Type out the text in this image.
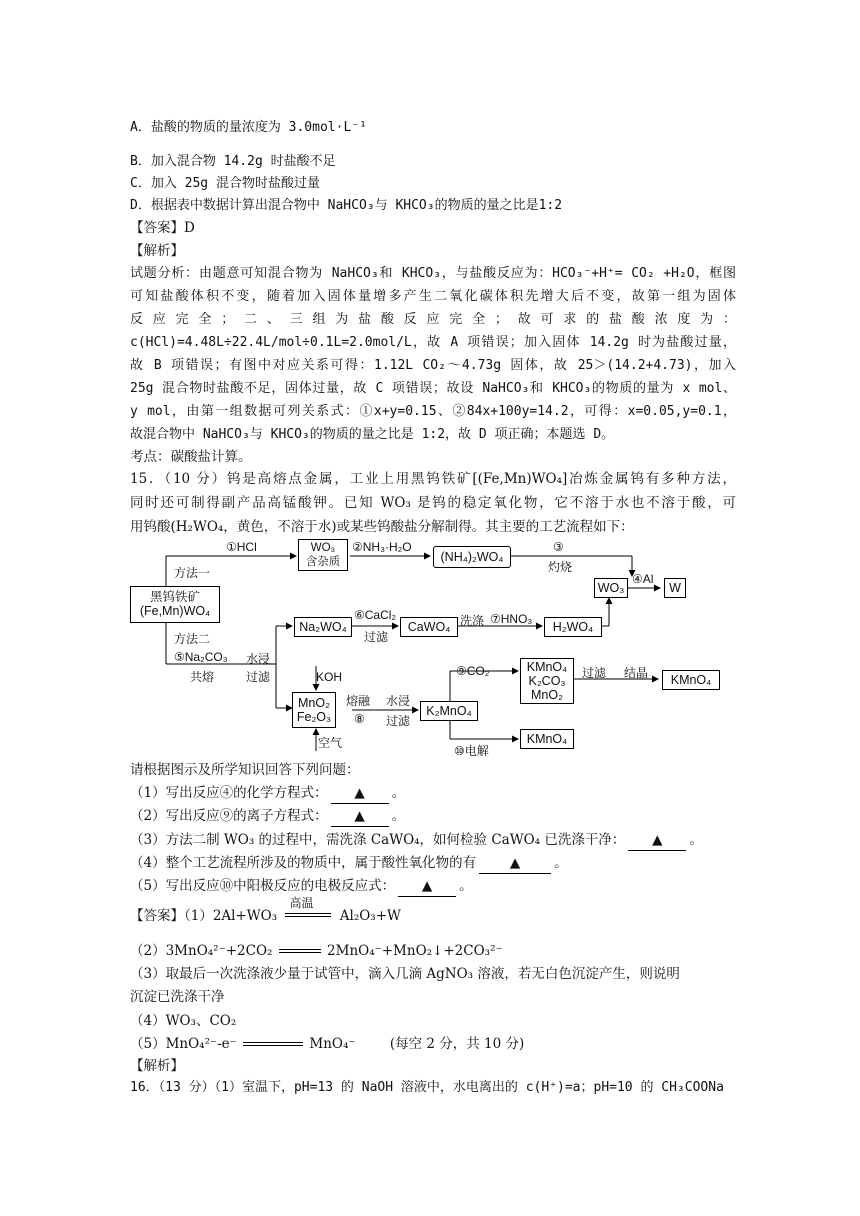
A．盐酸的物质的量浓度为 3.0mol·L⁻¹
B．加入混合物 14.2g 时盐酸不足
C．加入 25g 混合物时盐酸过量
D．根据表中数据计算出混合物中 NaHCO₃与 KHCO₃的物质的量之比是1:2
【答案】D
【解析】
试题分析：由题意可知混合物为 NaHCO₃和 KHCO₃，与盐酸反应为：HCO₃⁻+H⁺= CO₂ +H₂O，框图
可知盐酸体积不变，随着加入固体量增多产生二氧化碳体积先增大后不变，故第一组为固体
反应完全；二、三组为盐酸反应完全；故可求的盐酸浓度为：
c(HCl)=4.48L÷22.4L/mol÷0.1L=2.0mol/L，故 A 项错误；加入固体 14.2g 时为盐酸过量，
故 B 项错误；有图中对应关系可得：1.12L CO₂～4.73g 固体，故 25＞(14.2+4.73)，加入
25g 混合物时盐酸不足，固体过量，故 C 项错误；故设 NaHCO₃和 KHCO₃的物质的量为 x mol、
y mol，由第一组数据可列关系式：①x+y=0.15、②84x+100y=14.2，可得：x=0.05,y=0.1，
故混合物中 NaHCO₃与 KHCO₃的物质的量之比是 1:2，故 D 项正确；本题选 D。
考点：碳酸盐计算。
15．（10 分）钨是高熔点金属，工业上用黑钨铁矿[(Fe,Mn)WO₄]冶炼金属钨有多种方法，
同时还可制得副产品高锰酸钾。已知 WO₃ 是钨的稳定氧化物，它不溶于水也不溶于酸，可
用钨酸(H₂WO₄，黄色，不溶于水)或某些钨酸盐分解制得。其主要的工艺流程如下：
黑钨铁矿
(Fe,Mn)WO₄
方法一
方法二
①HCl	WO₃
含杂质
②NH₃·H₂O
(NH₄)₂WO₄
③
灼烧
WO₃
④Al
W
⑤Na₂CO₃
共熔
水浸
过滤
Na₂WO₄
⑥CaCl₂
过滤
CaWO₄ 洗涤 ⑦HNO₃
H₂WO₄
KOH
MnO₂
Fe₂O₃
空气
熔融
⑧
水浸
过滤
K₂MnO₄
⑨CO₂	KMnO₄
K₂CO₃
MnO₂
过滤 结晶	KMnO₄
⑩电解
KMnO₄
请根据图示及所学知识回答下列问题：
（1）写出反应④的化学方程式： ▲ 。
（2）写出反应⑨的离子方程式： ▲ 。
（3）方法二制 WO₃ 的过程中，需洗涤 CaWO₄，如何检验 CaWO₄ 已洗涤干净： ▲ 。
（4）整个工艺流程所涉及的物质中，属于酸性氧化物的有	▲	。
（5）写出反应⑩中阳极反应的电极反应式： ▲ 。
【答案】（1）2Al+WO₃
高温
Al₂O₃+W
（2）3MnO₄²⁻+2CO₂	2MnO₄⁻+MnO₂↓+2CO₃²⁻
（3）取最后一次洗涤液少量于试管中，滴入几滴 AgNO₃ 溶液，若无白色沉淀产生，则说明
沉淀已洗涤干净
（4）WO₃、CO₂
（5）MnO₄²⁻-e⁻	MnO₄⁻	(每空 2 分，共 10 分)
【解析】
16．（13 分）（1）室温下，pH=13 的 NaOH 溶液中，水电离出的 c(H⁺)=a；pH=10 的 CH₃COONa
